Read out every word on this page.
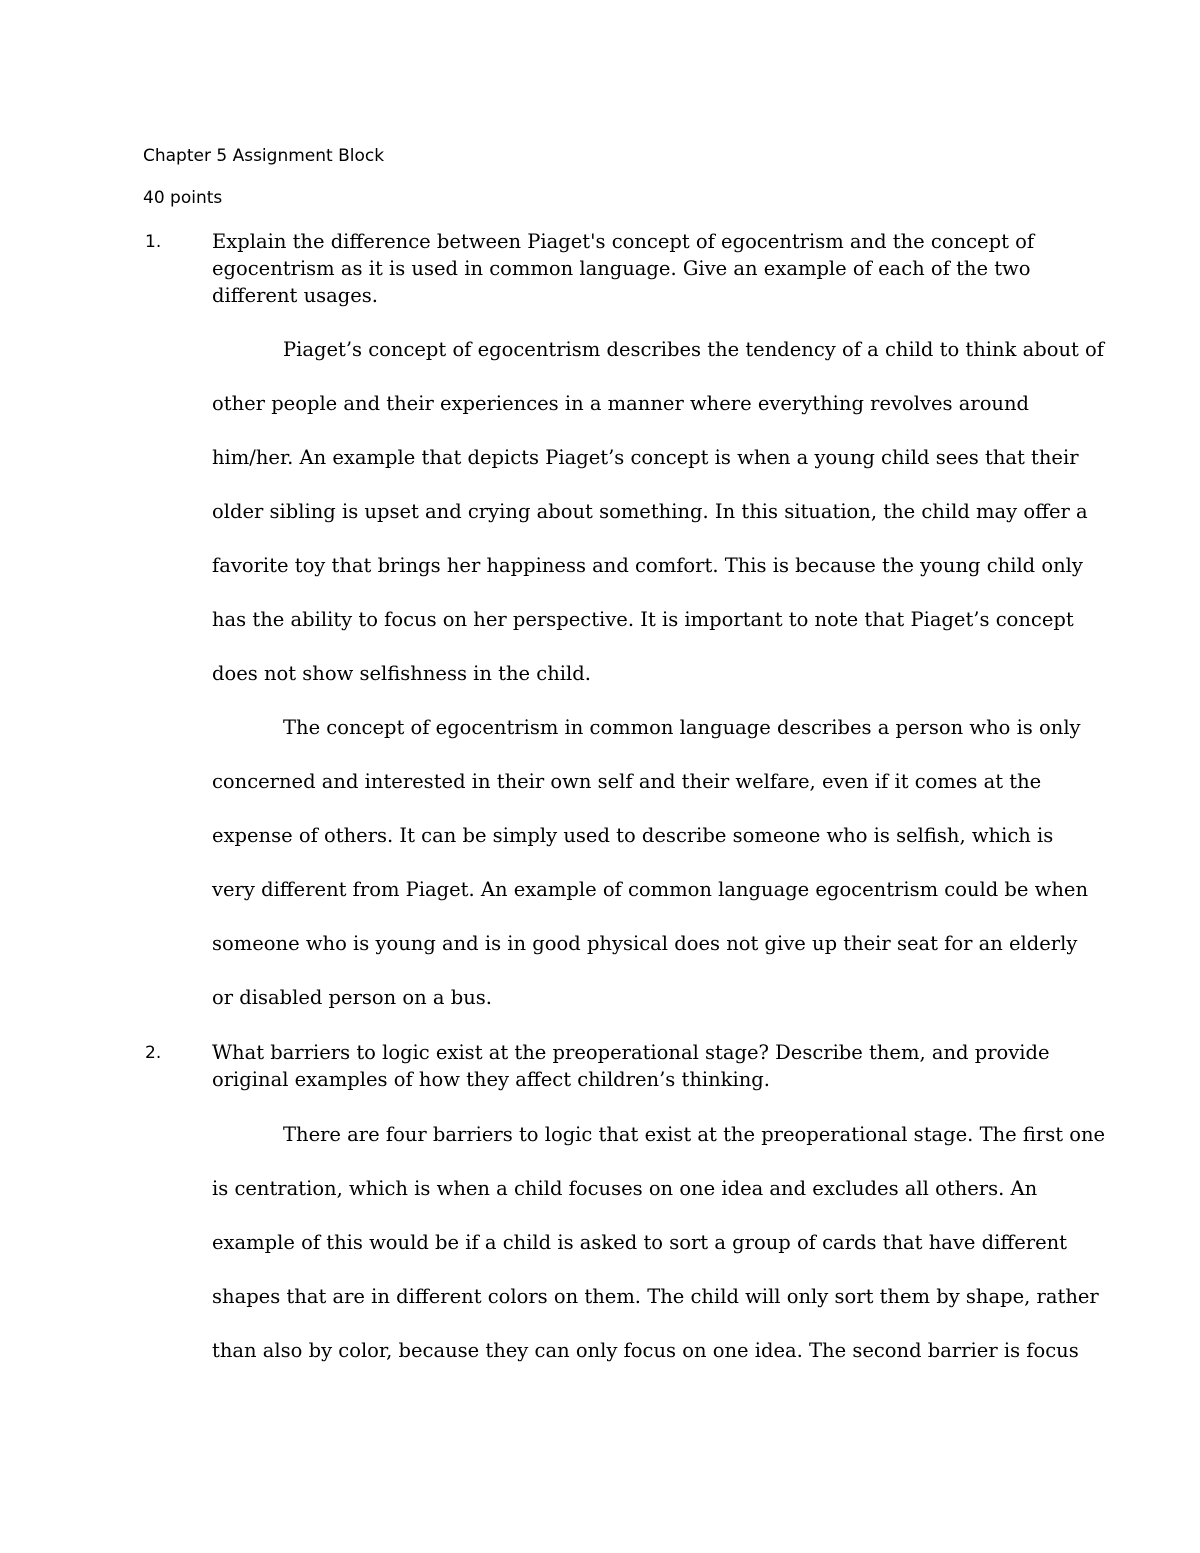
Chapter 5 Assignment Block
40 points
1.	Explain the difference between Piaget's concept of egocentrism and the concept of egocentrism as it is used in common language. Give an example of each of the two different usages.
Piaget’s concept of egocentrism describes the tendency of a child to think about of
other people and their experiences in a manner where everything revolves around
him/her. An example that depicts Piaget’s concept is when a young child sees that their
older sibling is upset and crying about something. In this situation, the child may offer a
favorite toy that brings her happiness and comfort. This is because the young child only
has the ability to focus on her perspective. It is important to note that Piaget’s concept
does not show selfishness in the child.
The concept of egocentrism in common language describes a person who is only
concerned and interested in their own self and their welfare, even if it comes at the
expense of others. It can be simply used to describe someone who is selfish, which is
very different from Piaget. An example of common language egocentrism could be when
someone who is young and is in good physical does not give up their seat for an elderly
or disabled person on a bus.
2.	What barriers to logic exist at the preoperational stage? Describe them, and provide original examples of how they affect children’s thinking.
There are four barriers to logic that exist at the preoperational stage. The first one
is centration, which is when a child focuses on one idea and excludes all others. An
example of this would be if a child is asked to sort a group of cards that have different
shapes that are in different colors on them. The child will only sort them by shape, rather
than also by color, because they can only focus on one idea. The second barrier is focus
